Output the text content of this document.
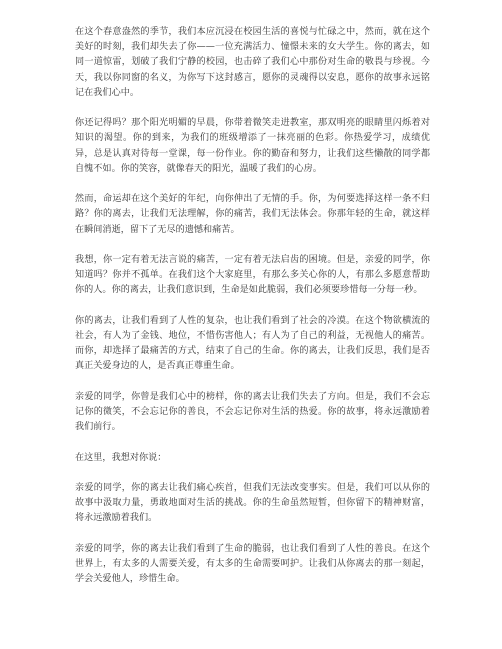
在这个春意盎然的季节，我们本应沉浸在校园生活的喜悦与忙碌之中，然而，就在这个美好的时刻，我们却失去了你——一位充满活力、憧憬未来的女大学生。你的离去，如同一道惊雷，划破了我们宁静的校园，也击碎了我们心中那份对生命的敬畏与珍视。今天，我以你同窗的名义，为你写下这封感言，愿你的灵魂得以安息，愿你的故事永远铭记在我们心中。

你还记得吗？那个阳光明媚的早晨，你带着微笑走进教室，那双明亮的眼睛里闪烁着对知识的渴望。你的到来，为我们的班级增添了一抹亮丽的色彩。你热爱学习，成绩优异，总是认真对待每一堂课，每一份作业。你的勤奋和努力，让我们这些懒散的同学都自愧不如。你的笑容，就像春天的阳光，温暖了我们的心房。

然而，命运却在这个美好的年纪，向你伸出了无情的手。你，为何要选择这样一条不归路？你的离去，让我们无法理解，你的痛苦，我们无法体会。你那年轻的生命，就这样在瞬间消逝，留下了无尽的遗憾和痛苦。

我想，你一定有着无法言说的痛苦，一定有着无法启齿的困境。但是，亲爱的同学，你知道吗？你并不孤单。在我们这个大家庭里，有那么多关心你的人，有那么多愿意帮助你的人。你的离去，让我们意识到，生命是如此脆弱，我们必须要珍惜每一分每一秒。

你的离去，让我们看到了人性的复杂，也让我们看到了社会的冷漠。在这个物欲横流的社会，有人为了金钱、地位，不惜伤害他人；有人为了自己的利益，无视他人的痛苦。而你，却选择了最痛苦的方式，结束了自己的生命。你的离去，让我们反思，我们是否真正关爱身边的人，是否真正尊重生命。

亲爱的同学，你曾是我们心中的榜样，你的离去让我们失去了方向。但是，我们不会忘记你的微笑，不会忘记你的善良，不会忘记你对生活的热爱。你的故事，将永远激励着我们前行。

在这里，我想对你说：

亲爱的同学，你的离去让我们痛心疾首，但我们无法改变事实。但是，我们可以从你的故事中汲取力量，勇敢地面对生活的挑战。你的生命虽然短暂，但你留下的精神财富，将永远激励着我们。

亲爱的同学，你的离去让我们看到了生命的脆弱，也让我们看到了人性的善良。在这个世界上，有太多的人需要关爱，有太多的生命需要呵护。让我们从你离去的那一刻起，学会关爱他人，珍惜生命。
